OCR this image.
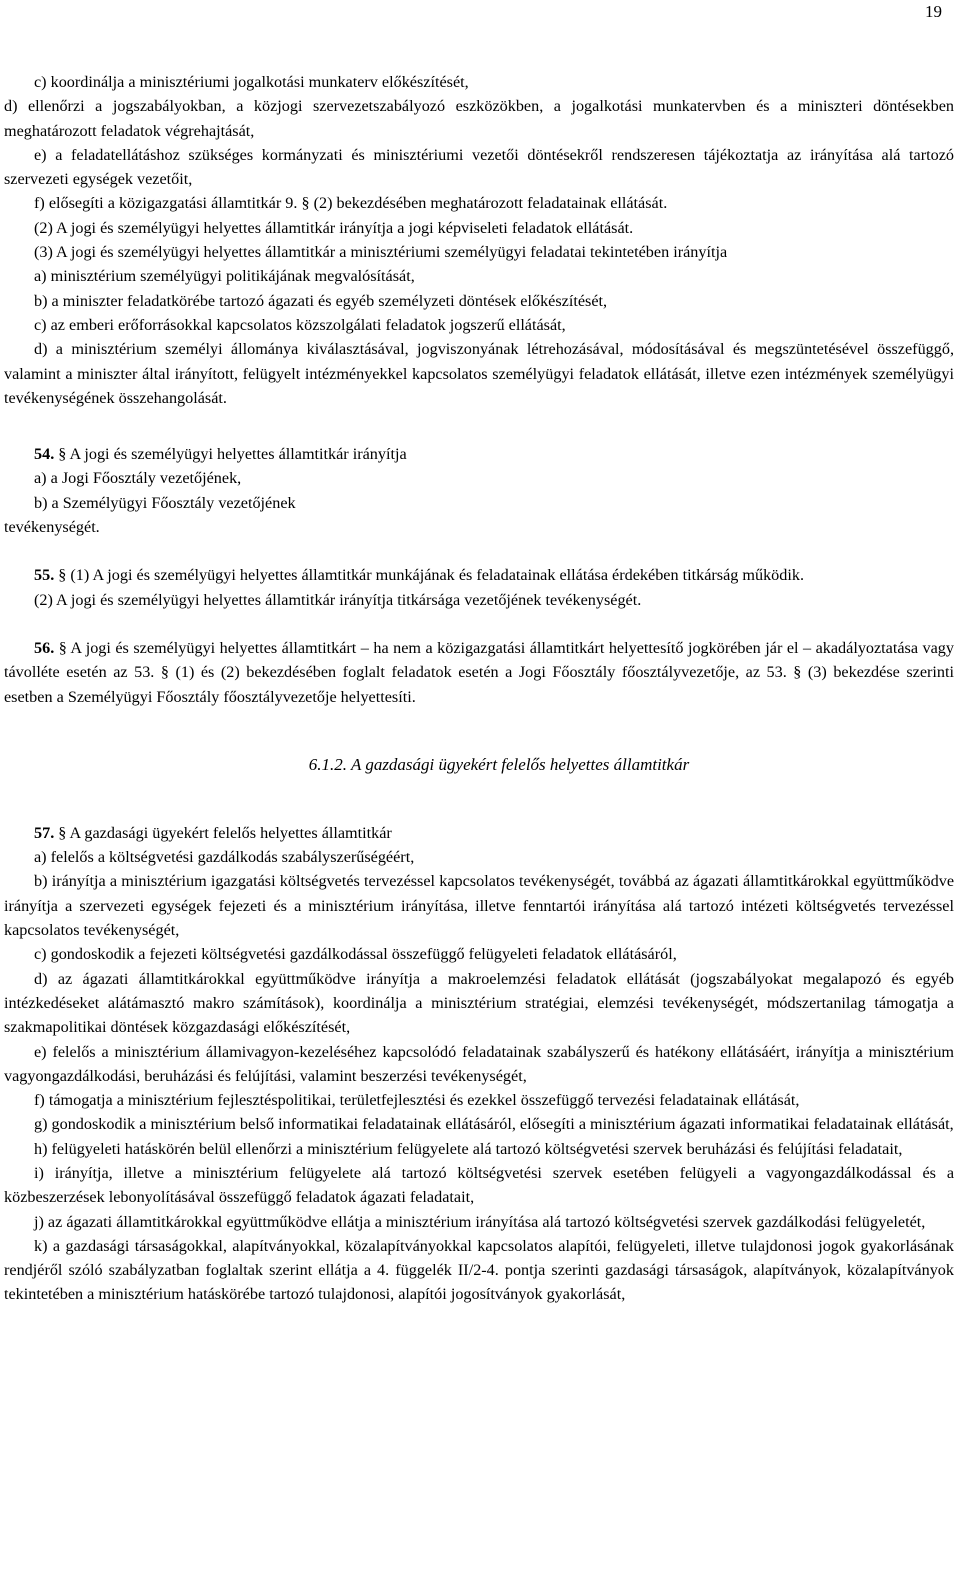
19

c) koordinálja a minisztériumi jogalkotási munkaterv előkészítését,

d) ellenőrzi a jogszabályokban, a közjogi szervezetszabályozó eszközökben, a jogalkotási munkatervben és a miniszteri döntésekben meghatározott feladatok végrehajtását,

e) a feladatellátáshoz szükséges kormányzati és minisztériumi vezetői döntésekről rendszeresen tájékoztatja az irányítása alá tartozó szervezeti egységek vezetőit,

f) elősegíti a közigazgatási államtitkár 9. § (2) bekezdésében meghatározott feladatainak ellátását.

(2) A jogi és személyügyi helyettes államtitkár irányítja a jogi képviseleti feladatok ellátását.

(3) A jogi és személyügyi helyettes államtitkár a minisztériumi személyügyi feladatai tekintetében irányítja

a) minisztérium személyügyi politikájának megvalósítását,

b) a miniszter feladatkörébe tartozó ágazati és egyéb személyzeti döntések előkészítését,

c) az emberi erőforrásokkal kapcsolatos közszolgálati feladatok jogszerű ellátását,

d) a minisztérium személyi állománya kiválasztásával, jogviszonyának létrehozásával, módosításával és megszüntetésével összefüggő, valamint a miniszter által irányított, felügyelt intézményekkel kapcsolatos személyügyi feladatok ellátását, illetve ezen intézmények személyügyi tevékenységének összehangolását.

54. § A jogi és személyügyi helyettes államtitkár irányítja

a) a Jogi Főosztály vezetőjének,

b) a Személyügyi Főosztály vezetőjének

tevékenységét.

55. § (1) A jogi és személyügyi helyettes államtitkár munkájának és feladatainak ellátása érdekében titkárság működik.

(2) A jogi és személyügyi helyettes államtitkár irányítja titkársága vezetőjének tevékenységét.

56. § A jogi és személyügyi helyettes államtitkárt – ha nem a közigazgatási államtitkárt helyettesítő jogkörében jár el – akadályoztatása vagy távolléte esetén az 53. § (1) és (2) bekezdésében foglalt feladatok esetén a Jogi Főosztály főosztályvezetője, az 53. § (3) bekezdése szerinti esetben a Személyügyi Főosztály főosztályvezetője helyettesíti.

6.1.2. A gazdasági ügyekért felelős helyettes államtitkár

57. § A gazdasági ügyekért felelős helyettes államtitkár

a) felelős a költségvetési gazdálkodás szabályszerűségéért,

b) irányítja a minisztérium igazgatási költségvetés tervezéssel kapcsolatos tevékenységét, továbbá az ágazati államtitkárokkal együttműködve irányítja a szervezeti egységek fejezeti és a minisztérium irányítása, illetve fenntartói irányítása alá tartozó intézeti költségvetés tervezéssel kapcsolatos tevékenységét,

c) gondoskodik a fejezeti költségvetési gazdálkodással összefüggő felügyeleti feladatok ellátásáról,

d) az ágazati államtitkárokkal együttműködve irányítja a makroelemzési feladatok ellátását (jogszabályokat megalapozó és egyéb intézkedéseket alátámasztó makro számítások), koordinálja a minisztérium stratégiai, elemzési tevékenységét, módszertanilag támogatja a szakmapolitikai döntések közgazdasági előkészítését,

e) felelős a minisztérium államivagyon-kezeléséhez kapcsolódó feladatainak szabályszerű és hatékony ellátásáért, irányítja a minisztérium vagyongazdálkodási, beruházási és felújítási, valamint beszerzési tevékenységét,

f) támogatja a minisztérium fejlesztéspolitikai, területfejlesztési és ezekkel összefüggő tervezési feladatainak ellátását,

g) gondoskodik a minisztérium belső informatikai feladatainak ellátásáról, elősegíti a minisztérium ágazati informatikai feladatainak ellátását,

h) felügyeleti hatáskörén belül ellenőrzi a minisztérium felügyelete alá tartozó költségvetési szervek beruházási és felújítási feladatait,

i) irányítja, illetve a minisztérium felügyelete alá tartozó költségvetési szervek esetében felügyeli a vagyongazdálkodással és a közbeszerzések lebonyolításával összefüggő feladatok ágazati feladatait,

j) az ágazati államtitkárokkal együttműködve ellátja a minisztérium irányítása alá tartozó költségvetési szervek gazdálkodási felügyeletét,

k) a gazdasági társaságokkal, alapítványokkal, közalapítványokkal kapcsolatos alapítói, felügyeleti, illetve tulajdonosi jogok gyakorlásának rendjéről szóló szabályzatban foglaltak szerint ellátja a 4. függelék II/2-4. pontja szerinti gazdasági társaságok, alapítványok, közalapítványok tekintetében a minisztérium hatáskörébe tartozó tulajdonosi, alapítói jogosítványok gyakorlását,
